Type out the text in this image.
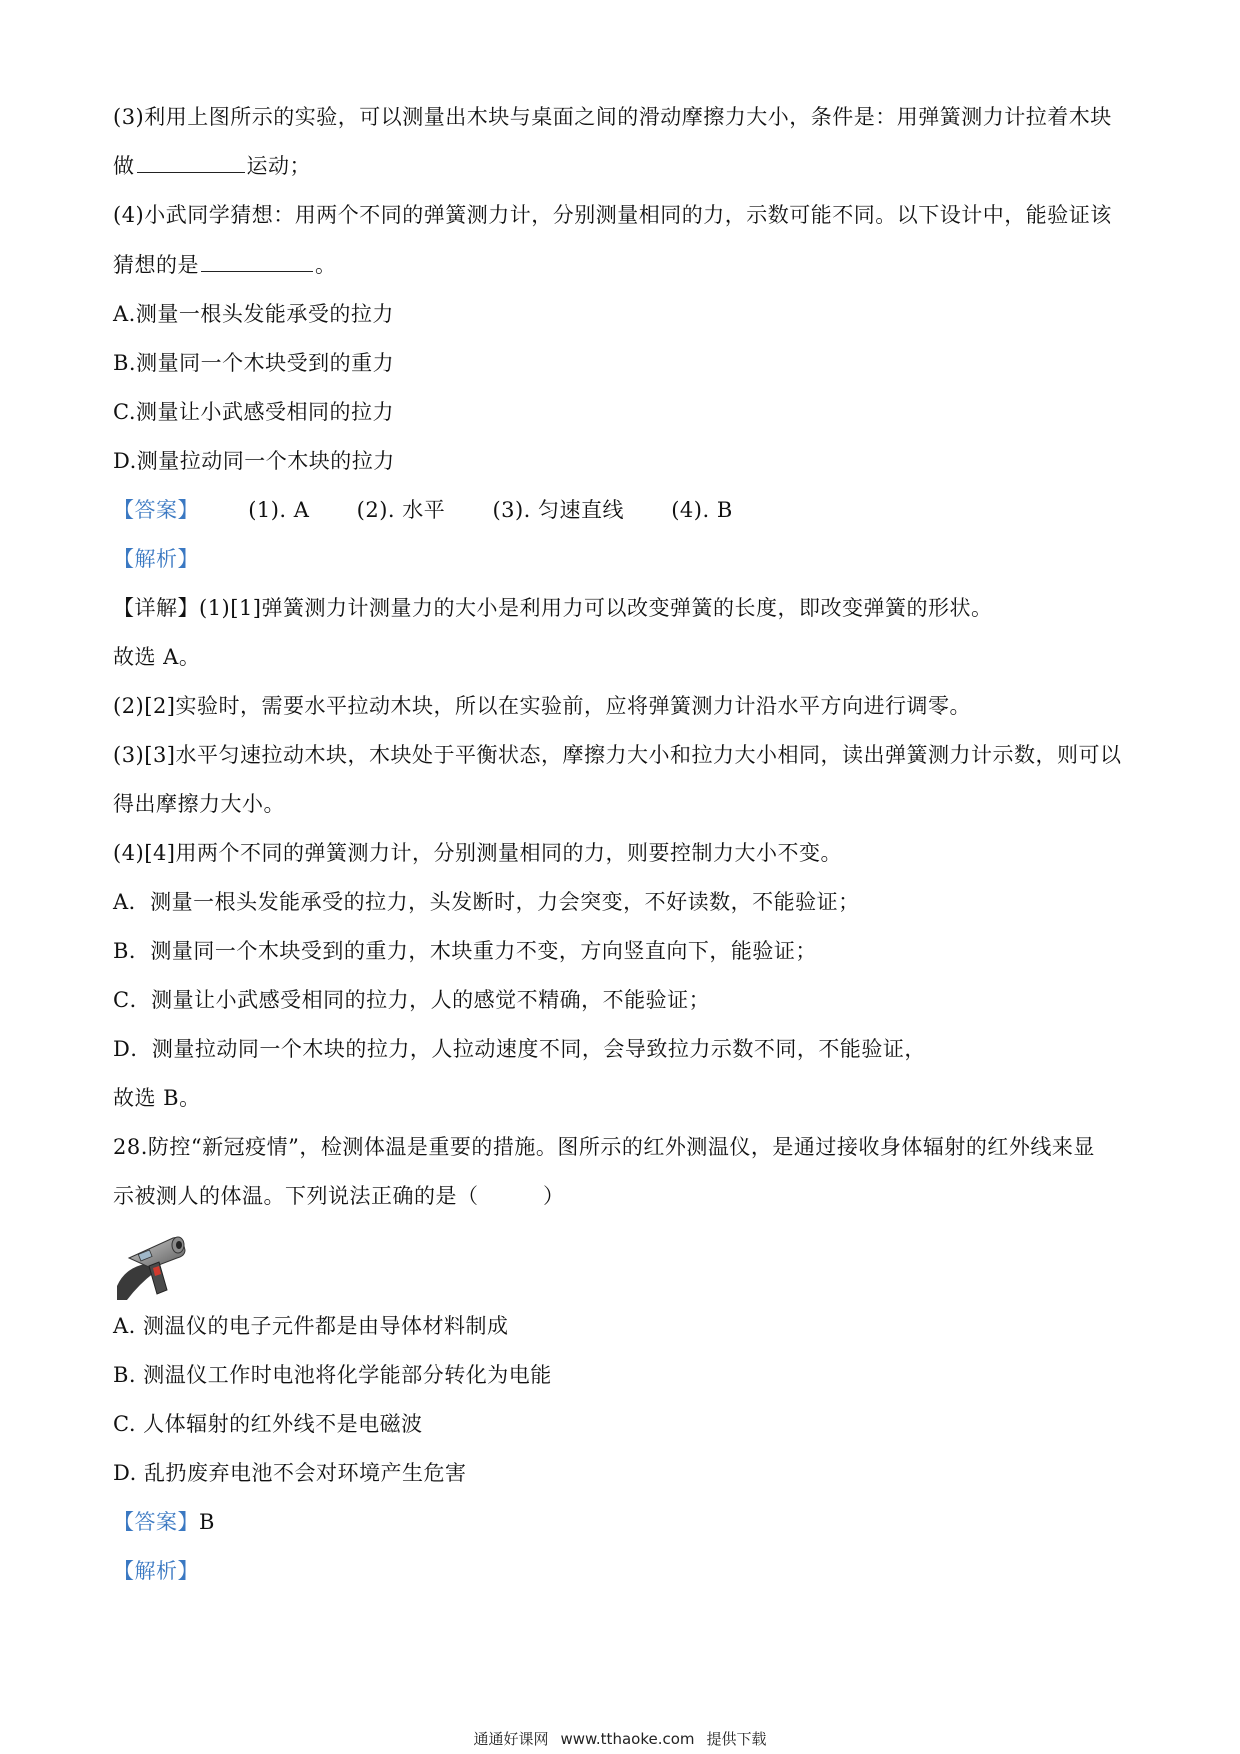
(3)利用上图所示的实验，可以测量出木块与桌面之间的滑动摩擦力大小，条件是：用弹簧测力计拉着木块
做	运动；
(4)小武同学猜想：用两个不同的弹簧测力计，分别测量相同的力，示数可能不同。以下设计中，能验证该
猜想的是	。
A.测量一根头发能承受的拉力
B.测量同一个木块受到的重力
C.测量让小武感受相同的拉力
D.测量拉动同一个木块的拉力
【答案】 (1). A (2). 水平 (3). 匀速直线 (4). B
【解析】
【详解】(1)[1]弹簧测力计测量力的大小是利用力可以改变弹簧的长度，即改变弹簧的形状。
故选 A。
(2)[2]实验时，需要水平拉动木块，所以在实验前，应将弹簧测力计沿水平方向进行调零。
(3)[3]水平匀速拉动木块，木块处于平衡状态，摩擦力大小和拉力大小相同，读出弹簧测力计示数，则可以
得出摩擦力大小。
(4)[4]用两个不同的弹簧测力计，分别测量相同的力，则要控制力大小不变。
A．测量一根头发能承受的拉力，头发断时，力会突变，不好读数，不能验证；
B．测量同一个木块受到的重力，木块重力不变，方向竖直向下，能验证；
C．测量让小武感受相同的拉力，人的感觉不精确，不能验证；
D．测量拉动同一个木块的拉力，人拉动速度不同，会导致拉力示数不同，不能验证，
故选 B。
28.防控“新冠疫情”，检测体温是重要的措施。图所示的红外测温仪，是通过接收身体辐射的红外线来显
示被测人的体温。下列说法正确的是（　　　）
A. 测温仪的电子元件都是由导体材料制成
B. 测温仪工作时电池将化学能部分转化为电能
C. 人体辐射的红外线不是电磁波
D. 乱扔废弃电池不会对环境产生危害
【答案】B
【解析】
通通好课网 www.tthaoke.com 提供下载
